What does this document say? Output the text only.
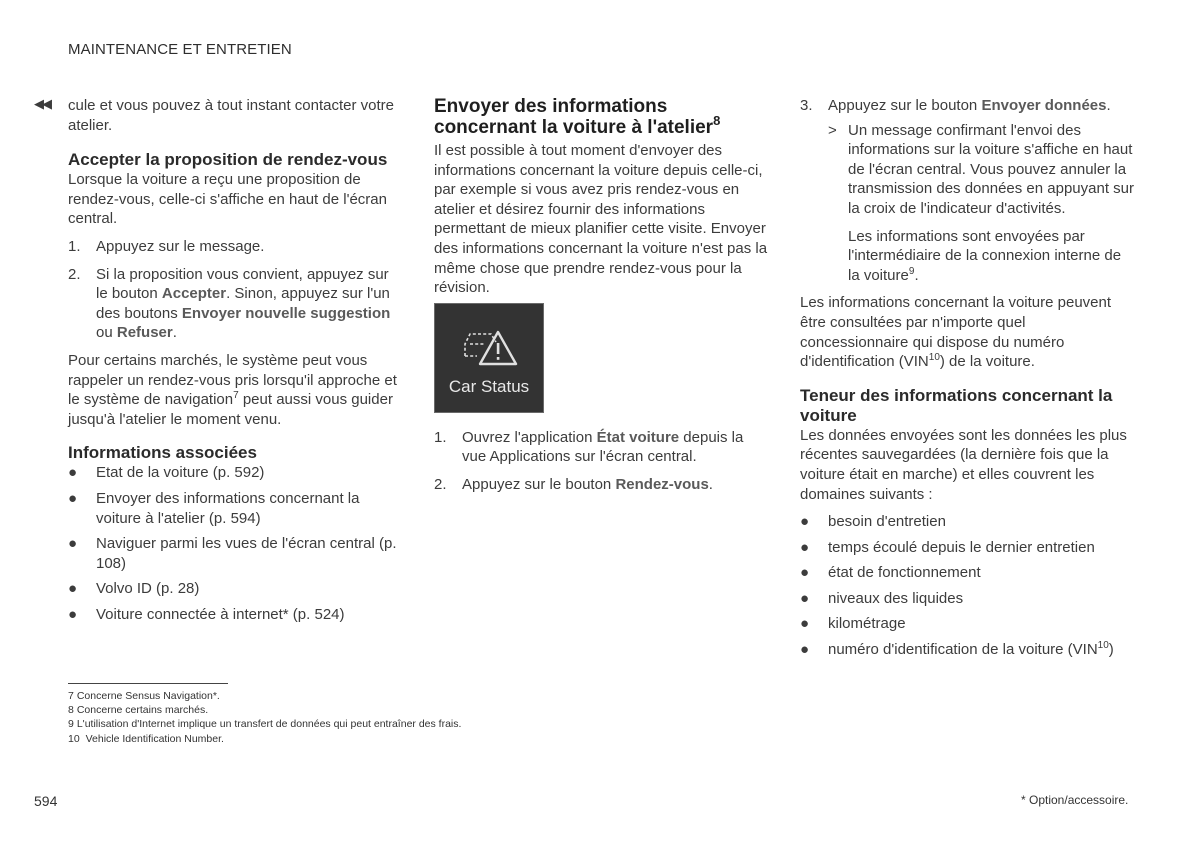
MAINTENANCE ET ENTRETIEN
◀◀ cule et vous pouvez à tout instant contacter votre atelier.

Accepter la proposition de rendez-vous

Lorsque la voiture a reçu une proposition de rendez-vous, celle-ci s'affiche en haut de l'écran central.

1. Appuyez sur le message.
2. Si la proposition vous convient, appuyez sur le bouton Accepter. Sinon, appuyez sur l'un des boutons Envoyer nouvelle suggestion ou Refuser.

Pour certains marchés, le système peut vous rappeler un rendez-vous pris lorsqu'il approche et le système de navigation$^7$ peut aussi vous guider jusqu'à l'atelier le moment venu.

Informations associées
● Etat de la voiture (p. 592)
● Envoyer des informations concernant la voiture à l'atelier (p. 594)
● Naviguer parmi les vues de l'écran central (p. 108)
● Volvo ID (p. 28)
● Voiture connectée à internet* (p. 524)
Envoyer des informations concernant la voiture à l'atelier$^8$

Il est possible à tout moment d'envoyer des informations concernant la voiture depuis celle-ci, par exemple si vous avez pris rendez-vous en atelier et désirez fournir des informations permettant de mieux planifier cette visite. Envoyer des informations concernant la voiture n'est pas la même chose que prendre rendez-vous pour la révision.

Car Status
1. Ouvrez l'application État voiture depuis la vue Applications sur l'écran central.
2. Appuyez sur le bouton Rendez-vous.
3. Appuyez sur le bouton Envoyer données.
> Un message confirmant l'envoi des informations sur la voiture s'affiche en haut de l'écran central. Vous pouvez annuler la transmission des données en appuyant sur la croix de l'indicateur d'activités.

Les informations sont envoyées par l'intermédiaire de la connexion interne de la voiture$^9$.

Les informations concernant la voiture peuvent être consultées par n'importe quel concessionnaire qui dispose du numéro d'identification (VIN$^{10}$) de la voiture.

Teneur des informations concernant la voiture

Les données envoyées sont les données les plus récentes sauvegardées (la dernière fois que la voiture était en marche) et elles couvrent les domaines suivants :

● besoin d'entretien
● temps écoulé depuis le dernier entretien
● état de fonctionnement
● niveaux des liquides
● kilométrage
● numéro d'identification de la voiture (VIN$^{10}$)
7 Concerne Sensus Navigation*.
8 Concerne certains marchés.
9 L'utilisation d'Internet implique un transfert de données qui peut entraîner des frais.
10 Vehicle Identification Number.
594	* Option/accessoire.
